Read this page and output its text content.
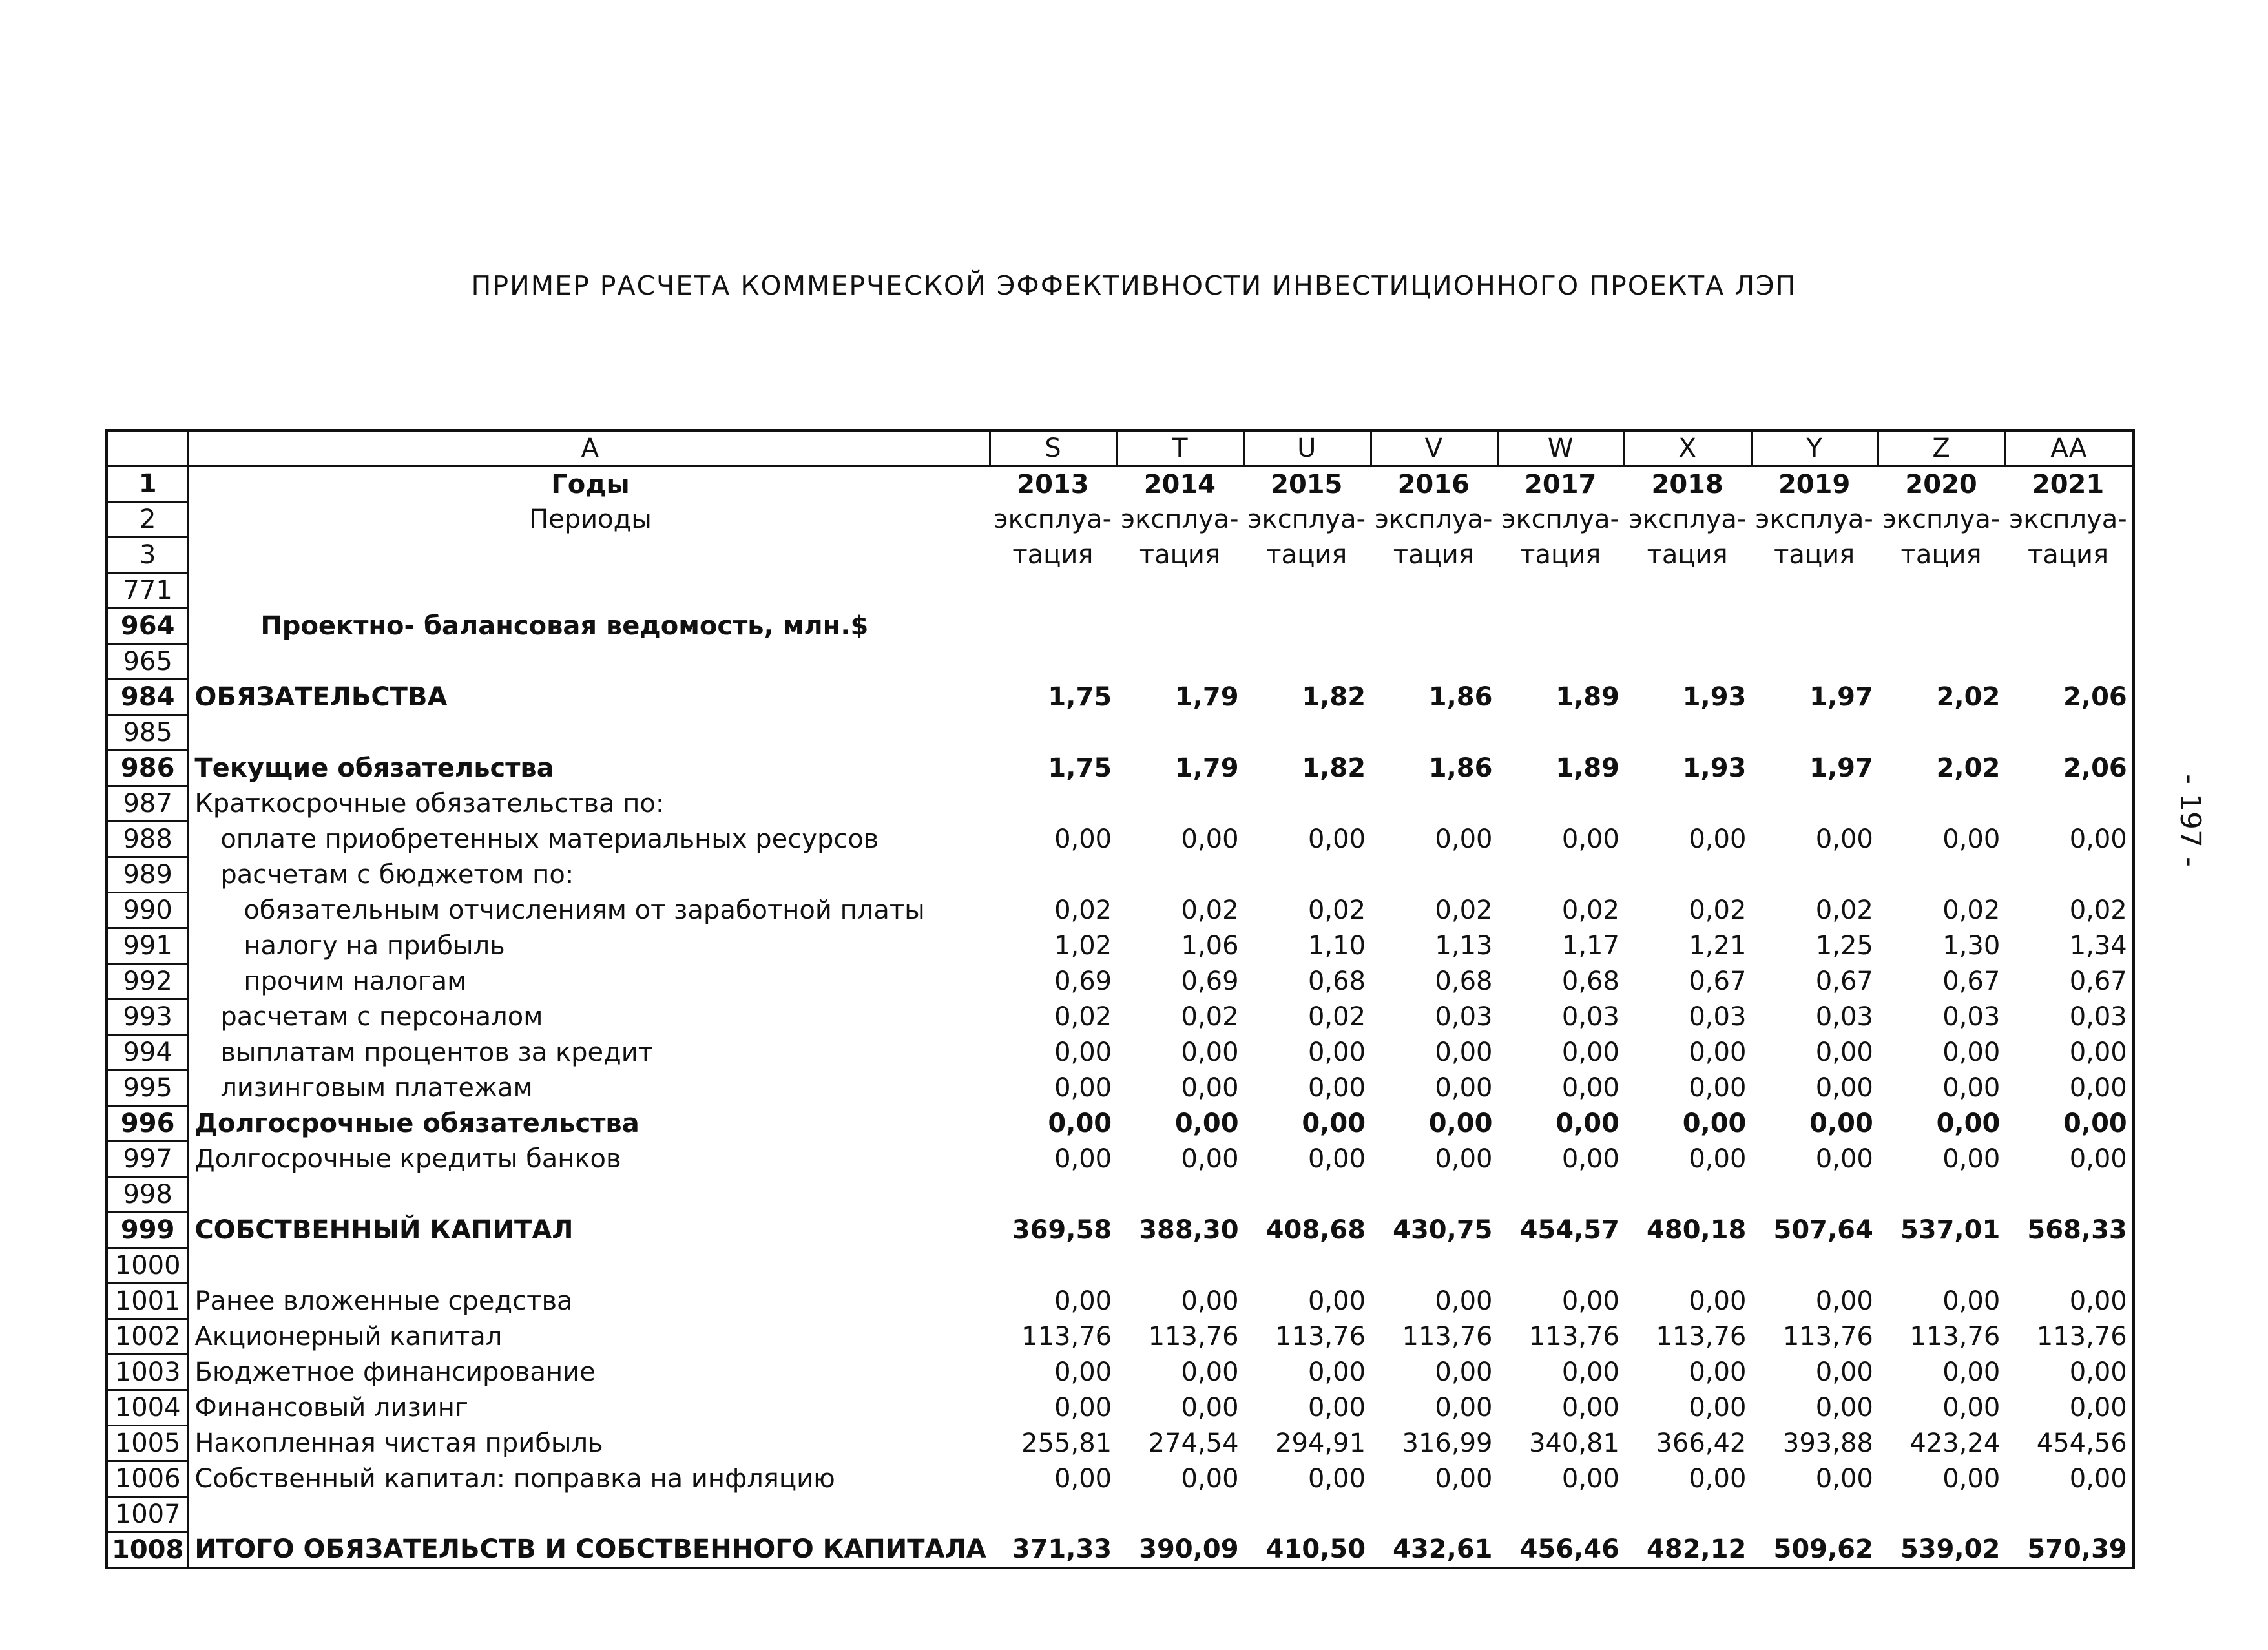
ПРИМЕР РАСЧЕТА КОММЕРЧЕСКОЙ ЭФФЕКТИВНОСТИ ИНВЕСТИЦИОННОГО ПРОЕКТА ЛЭП
- 197 -
	A	S	T	U	V	W	X	Y	Z	AA
1	Годы	2013	2014	2015	2016	2017	2018	2019	2020	2021
2	Периоды	эксплуа-	эксплуа-	эксплуа-	эксплуа-	эксплуа-	эксплуа-	эксплуа-	эксплуа-	эксплуа-
3		тация	тация	тация	тация	тация	тация	тация	тация	тация
771										
964	Проектно- балансовая ведомость, млн.$									
965										
984	ОБЯЗАТЕЛЬСТВА	1,75	1,79	1,82	1,86	1,89	1,93	1,97	2,02	2,06
985										
986	Текущие обязательства	1,75	1,79	1,82	1,86	1,89	1,93	1,97	2,02	2,06
987	Краткосрочные обязательства по:									
988	оплате приобретенных материальных ресурсов	0,00	0,00	0,00	0,00	0,00	0,00	0,00	0,00	0,00
989	расчетам с бюджетом по:									
990	обязательным отчислениям от заработной платы	0,02	0,02	0,02	0,02	0,02	0,02	0,02	0,02	0,02
991	налогу на прибыль	1,02	1,06	1,10	1,13	1,17	1,21	1,25	1,30	1,34
992	прочим налогам	0,69	0,69	0,68	0,68	0,68	0,67	0,67	0,67	0,67
993	расчетам с персоналом	0,02	0,02	0,02	0,03	0,03	0,03	0,03	0,03	0,03
994	выплатам процентов за кредит	0,00	0,00	0,00	0,00	0,00	0,00	0,00	0,00	0,00
995	лизинговым платежам	0,00	0,00	0,00	0,00	0,00	0,00	0,00	0,00	0,00
996	Долгосрочные обязательства	0,00	0,00	0,00	0,00	0,00	0,00	0,00	0,00	0,00
997	Долгосрочные кредиты банков	0,00	0,00	0,00	0,00	0,00	0,00	0,00	0,00	0,00
998										
999	СОБСТВЕННЫЙ КАПИТАЛ	369,58	388,30	408,68	430,75	454,57	480,18	507,64	537,01	568,33
1000										
1001	Ранее вложенные средства	0,00	0,00	0,00	0,00	0,00	0,00	0,00	0,00	0,00
1002	Акционерный капитал	113,76	113,76	113,76	113,76	113,76	113,76	113,76	113,76	113,76
1003	Бюджетное финансирование	0,00	0,00	0,00	0,00	0,00	0,00	0,00	0,00	0,00
1004	Финансовый лизинг	0,00	0,00	0,00	0,00	0,00	0,00	0,00	0,00	0,00
1005	Накопленная чистая прибыль	255,81	274,54	294,91	316,99	340,81	366,42	393,88	423,24	454,56
1006	Собственный капитал: поправка на инфляцию	0,00	0,00	0,00	0,00	0,00	0,00	0,00	0,00	0,00
1007										
1008	ИТОГО ОБЯЗАТЕЛЬСТВ И СОБСТВЕННОГО КАПИТАЛА	371,33	390,09	410,50	432,61	456,46	482,12	509,62	539,02	570,39
